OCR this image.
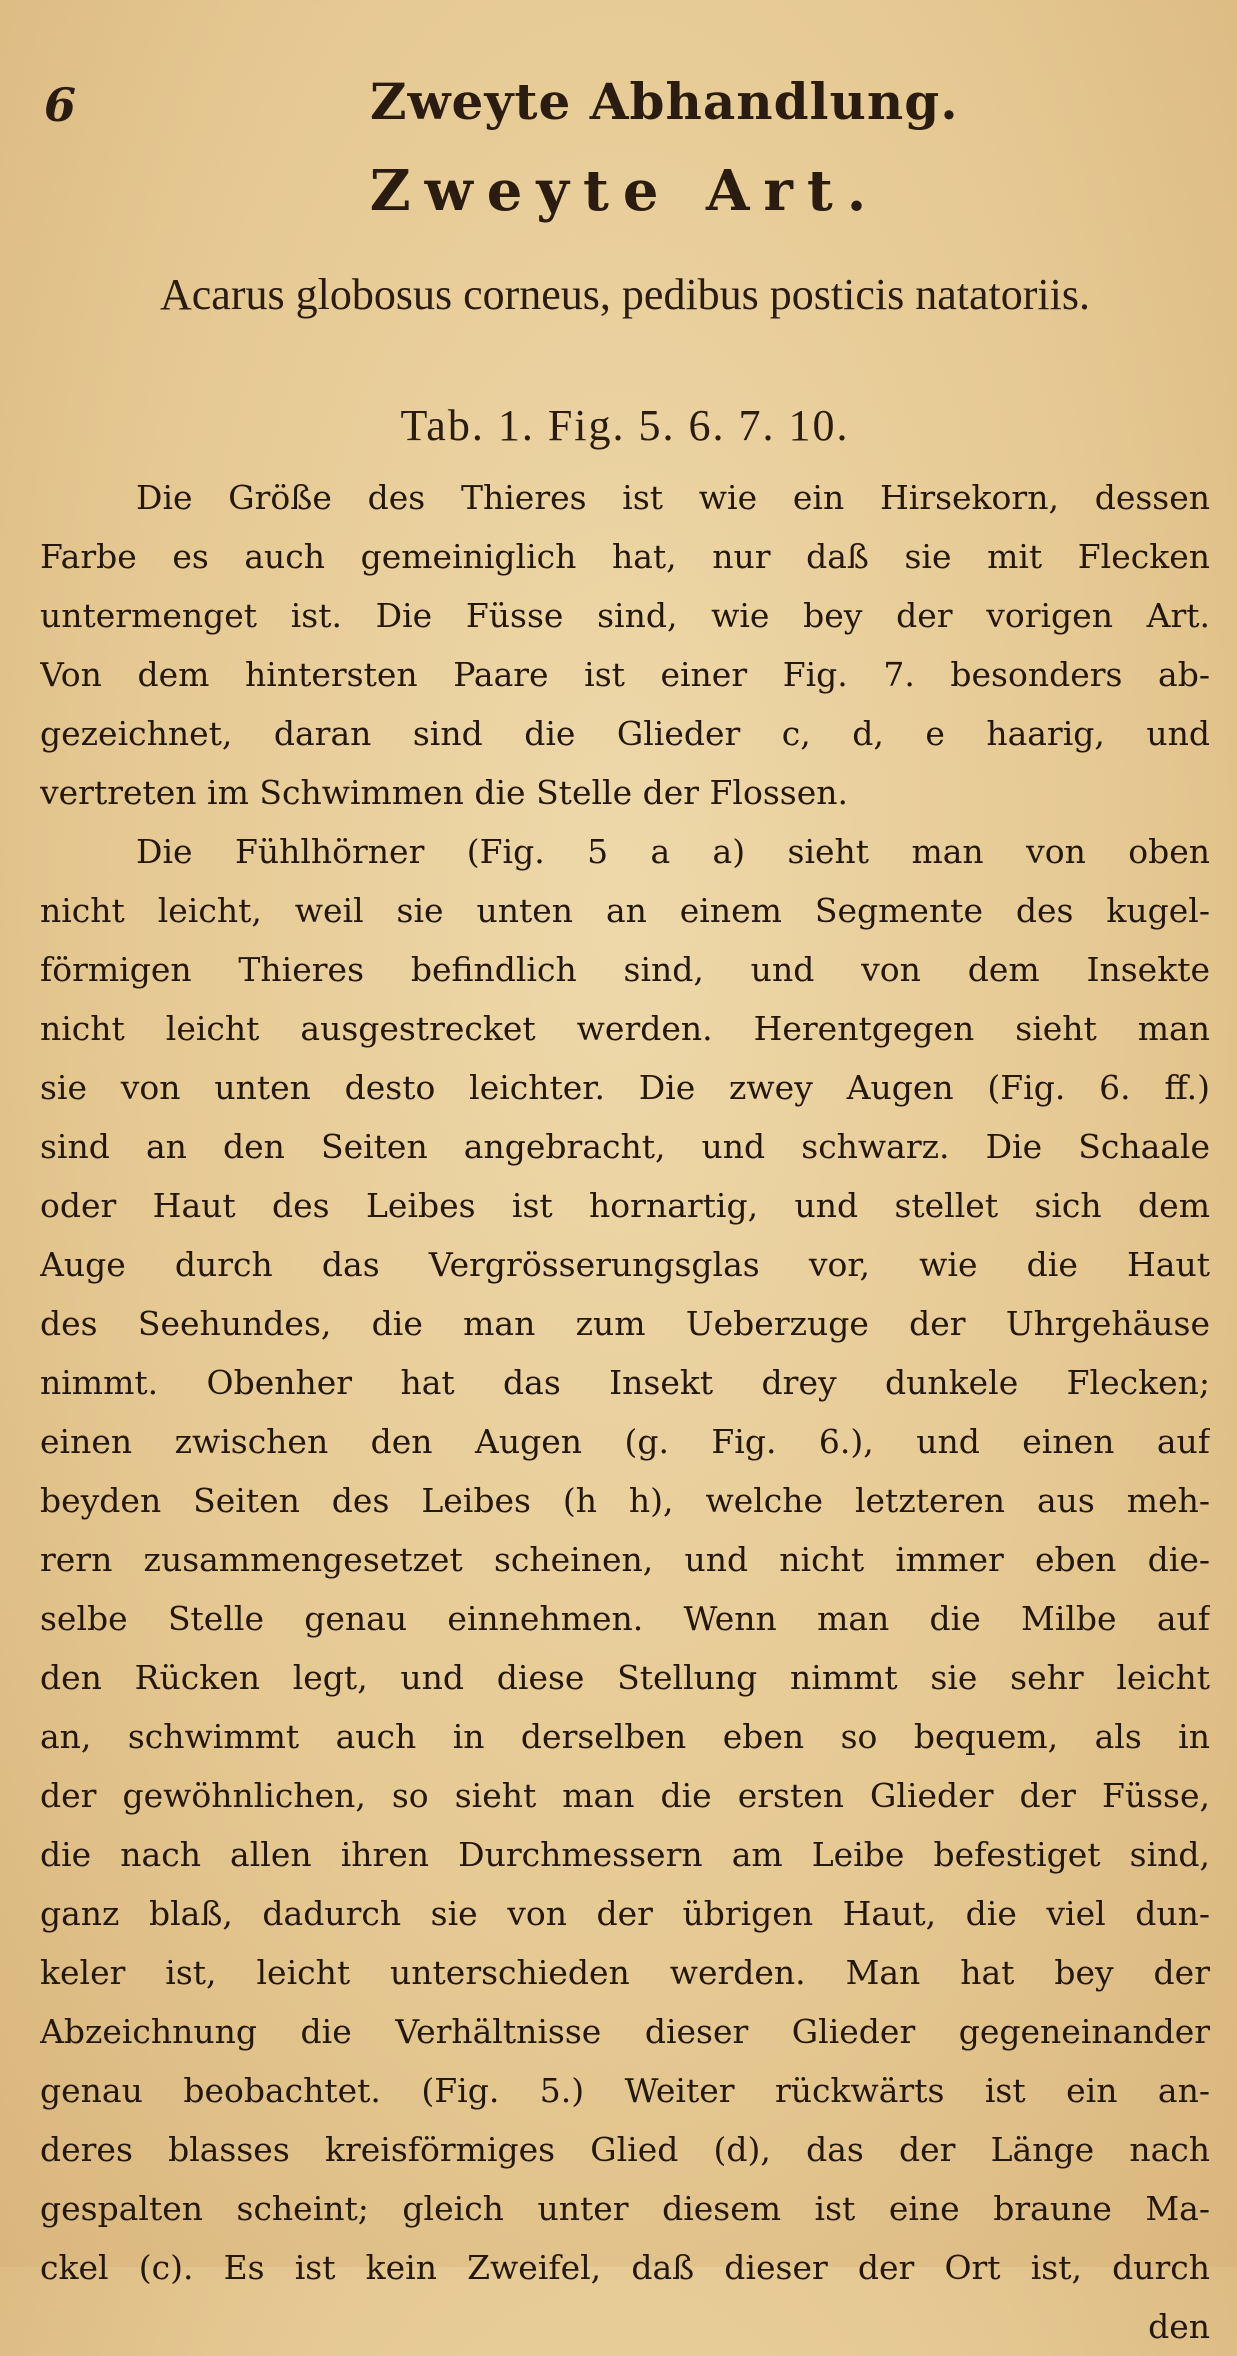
6	Zweyte Abhandlung.
Zweyte Art.
Acarus globosus corneus, pedibus posticis natatoriis.
Tab. 1. Fig. 5. 6. 7. 10.
Die Größe des Thieres ist wie ein Hirsekorn, dessen
Farbe es auch gemeiniglich hat, nur daß sie mit Flecken
untermenget ist. Die Füsse sind, wie bey der vorigen Art.
Von dem hintersten Paare ist einer Fig. 7. besonders ab-
gezeichnet, daran sind die Glieder c, d, e haarig, und
vertreten im Schwimmen die Stelle der Flossen.
Die Fühlhörner (Fig. 5 a a) sieht man von oben
nicht leicht, weil sie unten an einem Segmente des kugel-
förmigen Thieres befindlich sind, und von dem Insekte
nicht leicht ausgestrecket werden. Herentgegen sieht man
sie von unten desto leichter. Die zwey Augen (Fig. 6. ff.)
sind an den Seiten angebracht, und schwarz. Die Schaale
oder Haut des Leibes ist hornartig, und stellet sich dem
Auge durch das Vergrösserungsglas vor, wie die Haut
des Seehundes, die man zum Ueberzuge der Uhrgehäuse
nimmt. Obenher hat das Insekt drey dunkele Flecken;
einen zwischen den Augen (g. Fig. 6.), und einen auf
beyden Seiten des Leibes (h h), welche letzteren aus meh-
rern zusammengesetzet scheinen, und nicht immer eben die-
selbe Stelle genau einnehmen. Wenn man die Milbe auf
den Rücken legt, und diese Stellung nimmt sie sehr leicht
an, schwimmt auch in derselben eben so bequem, als in
der gewöhnlichen, so sieht man die ersten Glieder der Füsse,
die nach allen ihren Durchmessern am Leibe befestiget sind,
ganz blaß, dadurch sie von der übrigen Haut, die viel dun-
keler ist, leicht unterschieden werden. Man hat bey der
Abzeichnung die Verhältnisse dieser Glieder gegeneinander
genau beobachtet. (Fig. 5.) Weiter rückwärts ist ein an-
deres blasses kreisförmiges Glied (d), das der Länge nach
gespalten scheint; gleich unter diesem ist eine braune Ma-
ckel (c). Es ist kein Zweifel, daß dieser der Ort ist, durch
den
